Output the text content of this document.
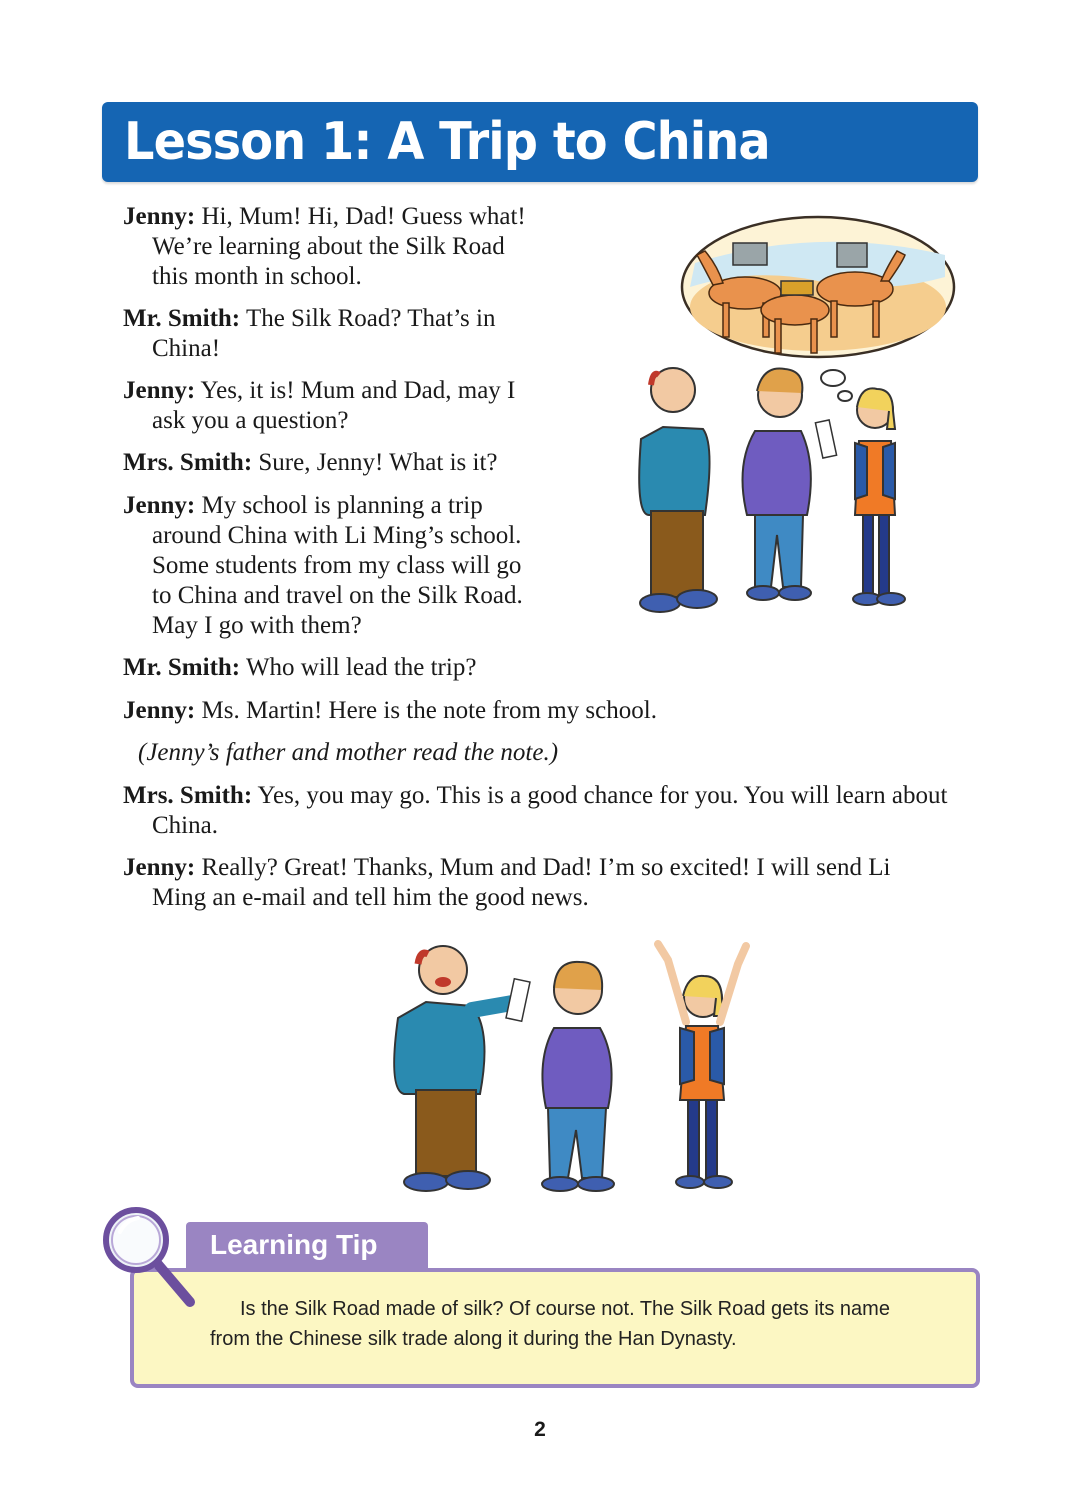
Lesson 1: A Trip to China
Jenny: Hi, Mum! Hi, Dad! Guess what!
We’re learning about the Silk Road
this month in school.
Mr. Smith: The Silk Road? That’s in
China!
Jenny: Yes, it is! Mum and Dad, may I
ask you a question?
Mrs. Smith: Sure, Jenny! What is it?
Jenny: My school is planning a trip
around China with Li Ming’s school.
Some students from my class will go
to China and travel on the Silk Road.
May I go with them?
Mr. Smith: Who will lead the trip?
Jenny: Ms. Martin! Here is the note from my school.
(Jenny’s father and mother read the note.)
Mrs. Smith: Yes, you may go. This is a good chance for you. You will learn about
China.
Jenny: Really? Great! Thanks, Mum and Dad! I’m so excited! I will send Li
Ming an e-mail and tell him the good news.
Is the Silk Road made of silk? Of course not. The Silk Road gets its name
from the Chinese silk trade along it during the Han Dynasty.
Learning Tip
2
